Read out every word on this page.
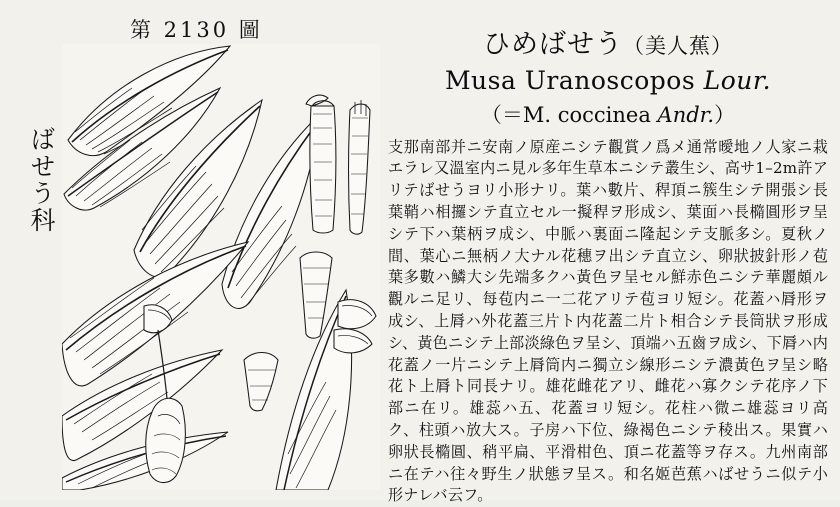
第 2130 圖
ばせう科
ひめばせう（美人蕉）
Musa Uranoscopos Lour.
（＝M. coccinea Andr.）

支那南部并ニ安南ノ原産ニシテ觀賞ノ爲メ通常曖地ノ人家ニ栽エラレ又溫室内ニ見ル多年生草本ニシテ叢生シ、高サ1–2m許アリテばせうヨリ小形ナリ。葉ハ數片、稈頂ニ簇生シテ開張シ長葉鞘ハ相攞シテ直立セル一擬稈ヲ形成シ、葉面ハ長橢圓形ヲ呈シテ下ハ葉柄ヲ成シ、中脈ハ裏面ニ隆起シテ支脈多シ。夏秋ノ間、葉心ニ無柄ノ大ナル花穗ヲ出シテ直立シ、卵狀披針形ノ苞葉多數ハ鱗大シ先端多クハ黃色ヲ呈セル鮮赤色ニシテ華麗頗ル觀ルニ足リ、每苞内ニ一二花アリテ苞ヨリ短シ。花蓋ハ脣形ヲ成シ、上脣ハ外花蓋三片ト内花蓋二片ト相合シテ長筒狀ヲ形成シ、黃色ニシテ上部淡綠色ヲ呈シ、頂端ハ五齒ヲ成シ、下脣ハ内花蓋ノ一片ニシテ上脣筒内ニ獨立シ線形ニシテ濃黃色ヲ呈シ略花ト上脣ト同長ナリ。雄花雌花アリ、雌花ハ寡クシテ花序ノ下部ニ在リ。雄蕊ハ五、花蓋ヨリ短シ。花柱ハ微ニ雄蕊ヨリ高ク、柱頭ハ放大ス。子房ハ下位、綠褐色ニシテ稜出ス。果實ハ卵狀長橢圓、稍平扁、平滑柑色、頂ニ花蓋等ヲ存ス。九州南部ニ在テハ往々野生ノ狀態ヲ呈ス。和名姬芭蕉ハばせうニ似テ小形ナレバ云フ。
